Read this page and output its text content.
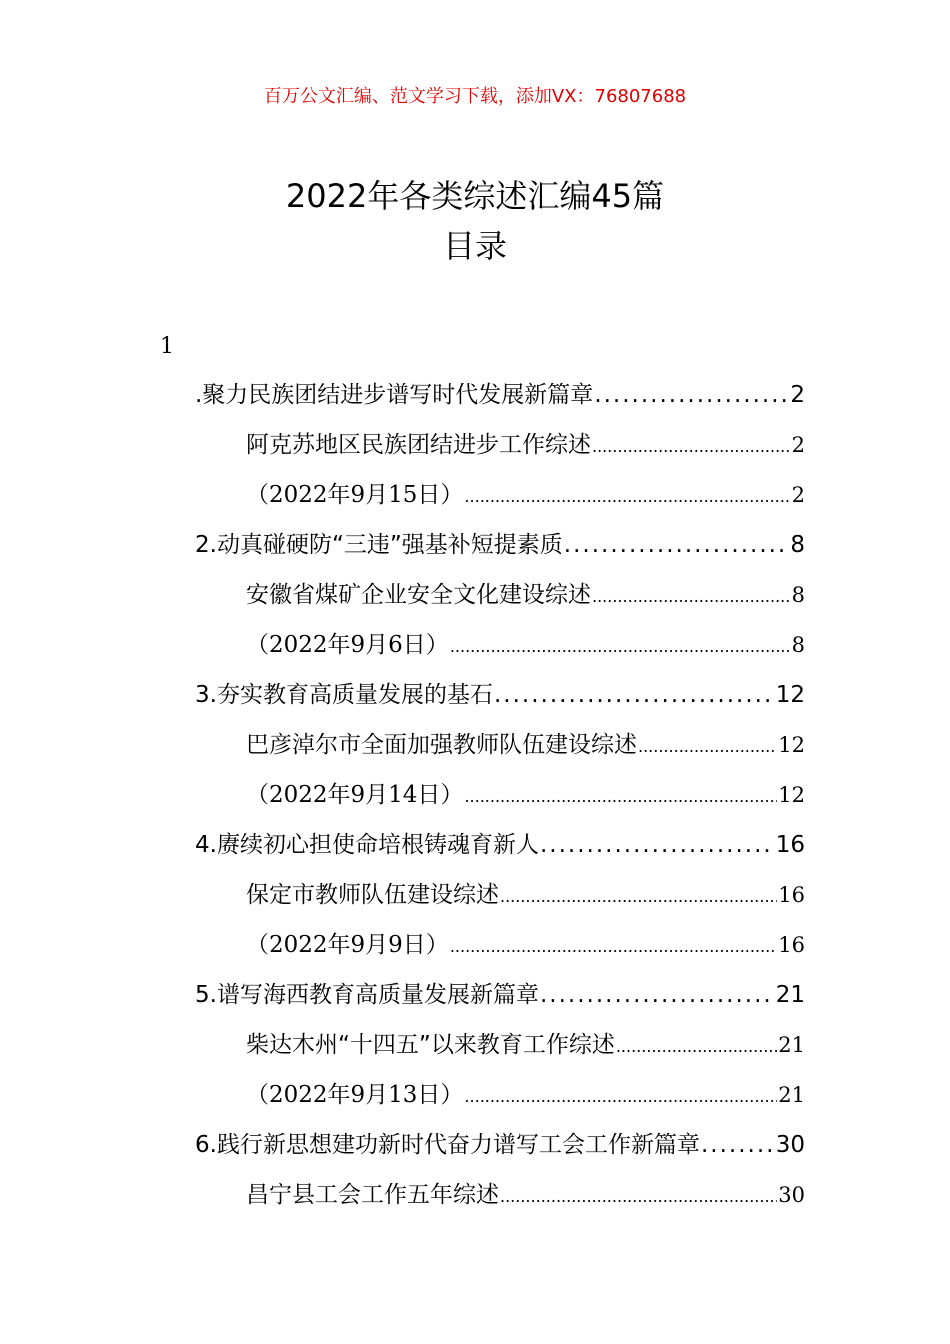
百万公文汇编、范文学习下载，添加VX：76807688
2022年各类综述汇编45篇
目录
1
.聚力民族团结进步谱写时代发展新篇章 .....	2
阿克苏地区民族团结进步工作综述 .....	2
（2022年9月15日） .....	2
2.动真碰硬防“三违”强基补短提素质 .....	8
安徽省煤矿企业安全文化建设综述 .....	8
（2022年9月6日） .....	8
3.夯实教育高质量发展的基石 .....	12
巴彦淖尔市全面加强教师队伍建设综述 .....	12
（2022年9月14日） .....	12
4.赓续初心担使命培根铸魂育新人 .....	16
保定市教师队伍建设综述 .....	16
（2022年9月9日） .....	16
5.谱写海西教育高质量发展新篇章 .....	21
柴达木州“十四五”以来教育工作综述 .....	21
（2022年9月13日） .....	21
6.践行新思想建功新时代奋力谱写工会工作新篇章 .....	30
昌宁县工会工作五年综述 .....	30
